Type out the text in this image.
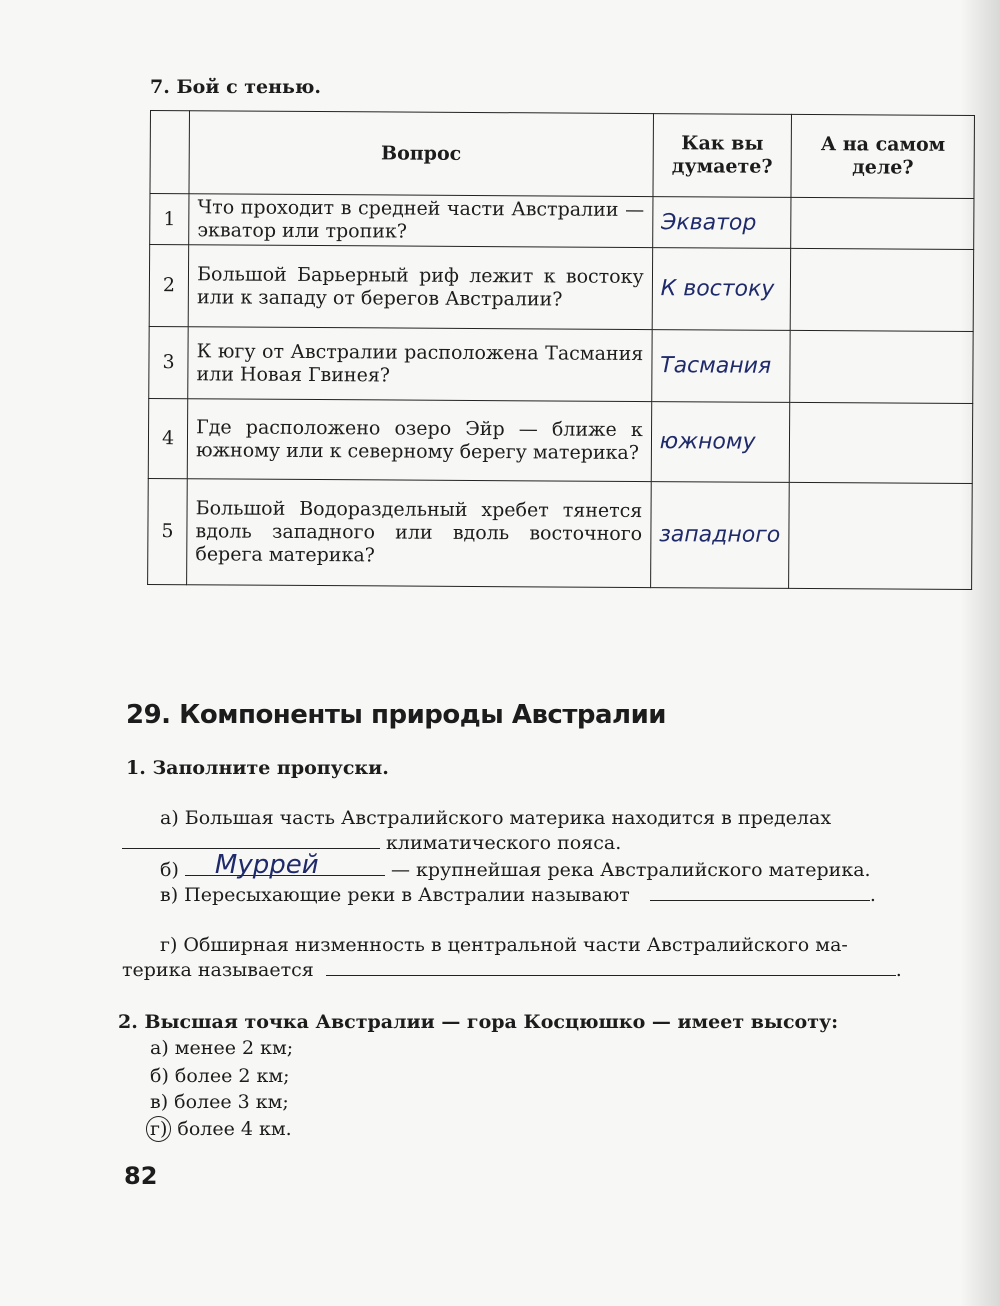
7. Бой с тенью.
	Вопрос	Как вы думаете?	А на самом деле?
1	Что проходит в средней части Австралии — экватор или тропик?	Экватор	
2	Большой Барьерный риф лежит к востоку или к западу от берегов Австралии?	К востоку	
3	К югу от Австралии расположена Тасмания или Новая Гвинея?	Тасмания	
4	Где расположено озеро Эйр — ближе к южному или к северному берегу материка?	южному	
5	Большой Водораздельный хребет тянется вдоль западного или вдоль восточного берега материка?	западного	
29. Компоненты природы Австралии
1. Заполните пропуски.
а) Большая часть Австралийского материка находится в пределах
климатического пояса.
б) Муррей	— крупнейшая река Австралийского материка.
в) Пересыхающие реки в Австралии называют	.
г) Обширная низменность в центральной части Австралийского ма-
терика называется	.
2. Высшая точка Австралии — гора Косцюшко — имеет высоту:
а) менее 2 км;
б) более 2 км;
в) более 3 км;
г) более 4 км.
82
